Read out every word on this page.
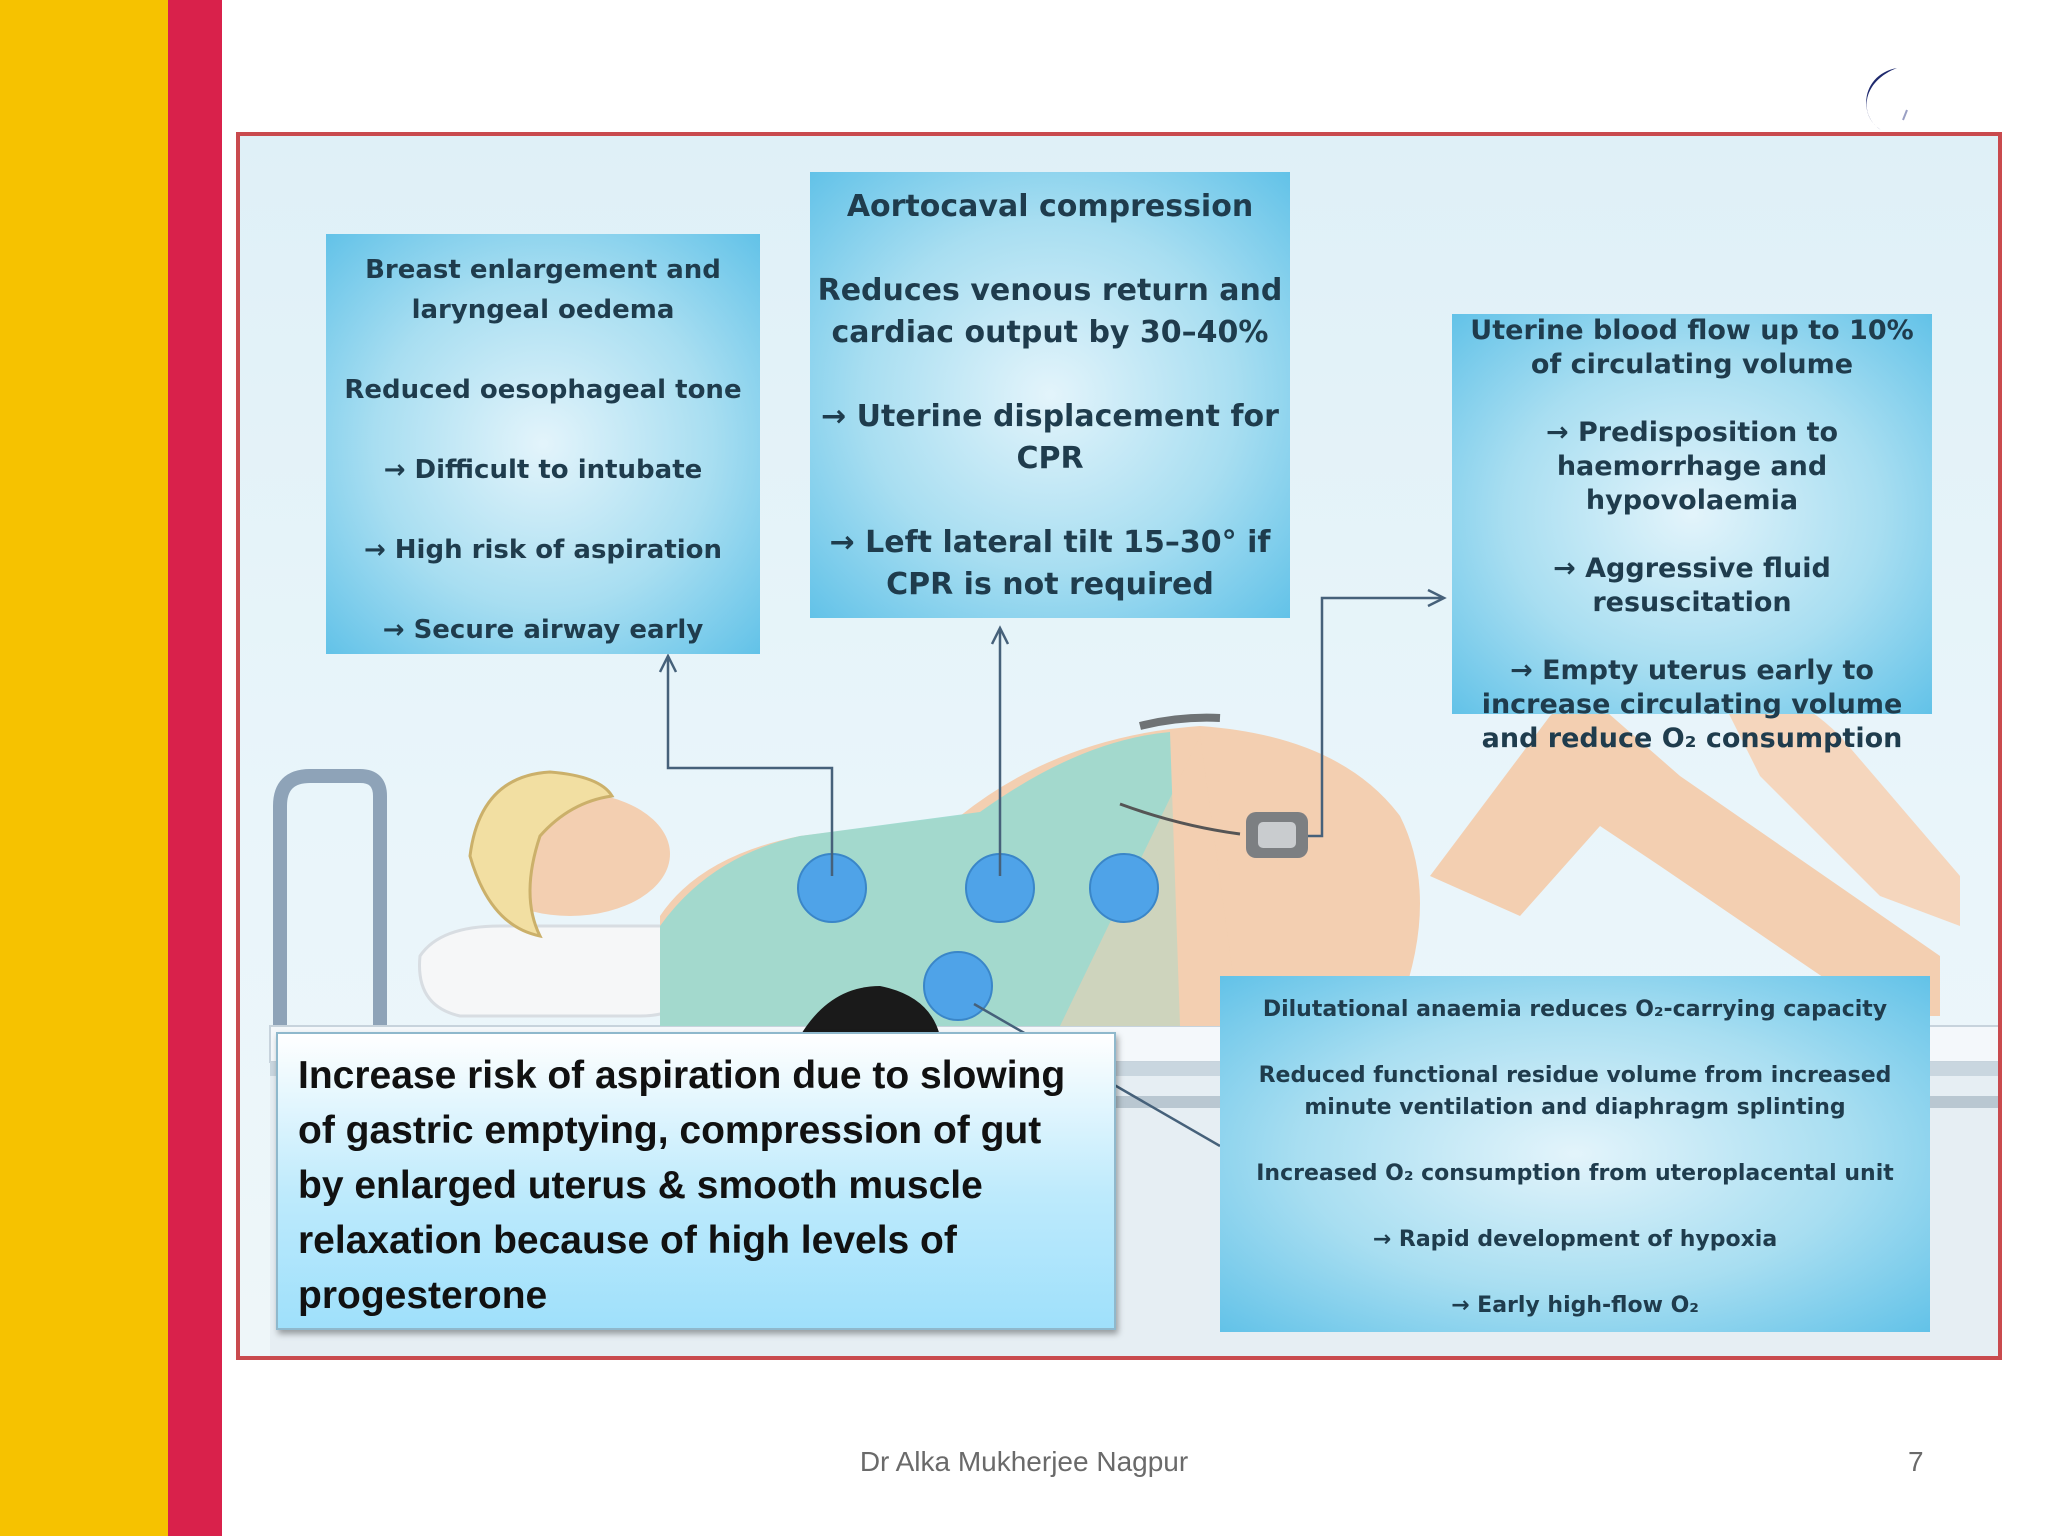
Breast enlargement and laryngeal oedema

Reduced oesophageal tone

→ Difficult to intubate

→ High risk of aspiration

→ Secure airway early

Aortocaval compression

Reduces venous return and cardiac output by 30–40%

→ Uterine displacement for CPR

→ Left lateral tilt 15–30° if CPR is not required

Uterine blood flow up to 10% of circulating volume

→ Predisposition to haemorrhage and hypovolaemia

→ Aggressive fluid resuscitation

→ Empty uterus early to increase circulating volume and reduce O₂ consumption

Dilutational anaemia reduces O₂-carrying capacity

Reduced functional residue volume from increased minute ventilation and diaphragm splinting

Increased O₂ consumption from uteroplacental unit

→ Rapid development of hypoxia

→ Early high-flow O₂

Increase risk of aspiration due to slowing of gastric emptying, compression of gut by enlarged uterus & smooth muscle relaxation because of high levels of progesterone
Dr Alka Mukherjee Nagpur	7
